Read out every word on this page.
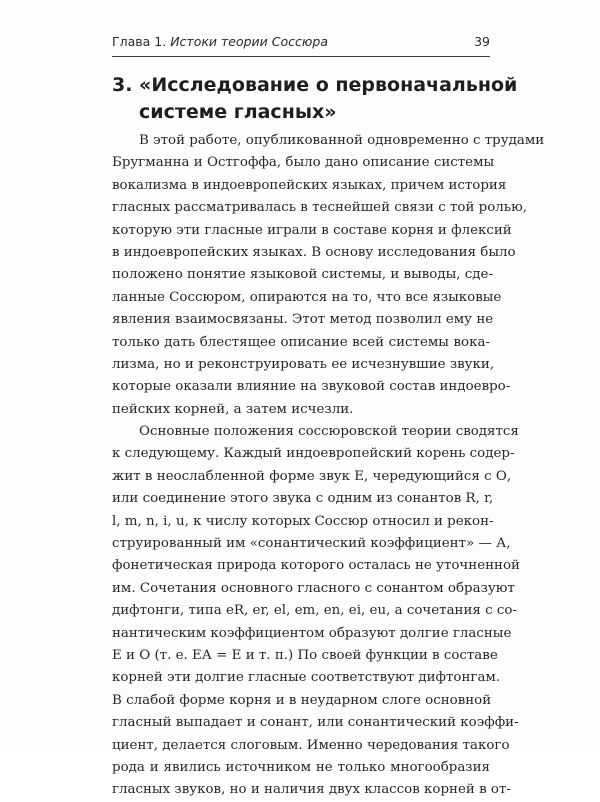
Глава 1. Истоки теории Соссюра	39
3. «Исследование о первоначальной
системе гласных»
В этой работе, опубликованной одновременно с трудами
Бругманна и Остгоффа, было дано описание системы
вокализма в индоевропейских языках, причем история
гласных рассматривалась в теснейшей связи с той ролью,
которую эти гласные играли в составе корня и флексий
в индоевропейских языках. В основу исследования было
положено понятие языковой системы, и выводы, сде-
ланные Соссюром, опираются на то, что все языковые
явления взаимосвязаны. Этот метод позволил ему не
только дать блестящее описание всей системы вока-
лизма, но и реконструировать ее исчезнувшие звуки,
которые оказали влияние на звуковой состав индоевро-
пейских корней, а затем исчезли.
Основные положения соссюровской теории сводятся
к следующему. Каждый индоевропейский корень содер-
жит в неослабленной форме звук Е, чередующийся с О,
или соединение этого звука с одним из сонантов R, r,
l, m, n, i, u, к числу которых Соссюр относил и рекон-
струированный им «сонантический коэффициент» — А,
фонетическая природа которого осталась не уточненной
им. Сочетания основного гласного с сонантом образуют
дифтонги, типа eR, er, el, em, en, ei, eu, а сочетания с со-
нантическим коэффициентом образуют долгие гласные
Е и О (т. е. ЕА = Е и т. п.) По своей функции в составе
корней эти долгие гласные соответствуют дифтонгам.
В слабой форме корня и в неударном слоге основной
гласный выпадает и сонант, или сонантический коэффи-
циент, делается слоговым. Именно чередования такого
рода и явились источником не только многообразия
гласных звуков, но и наличия двух классов корней в от-
